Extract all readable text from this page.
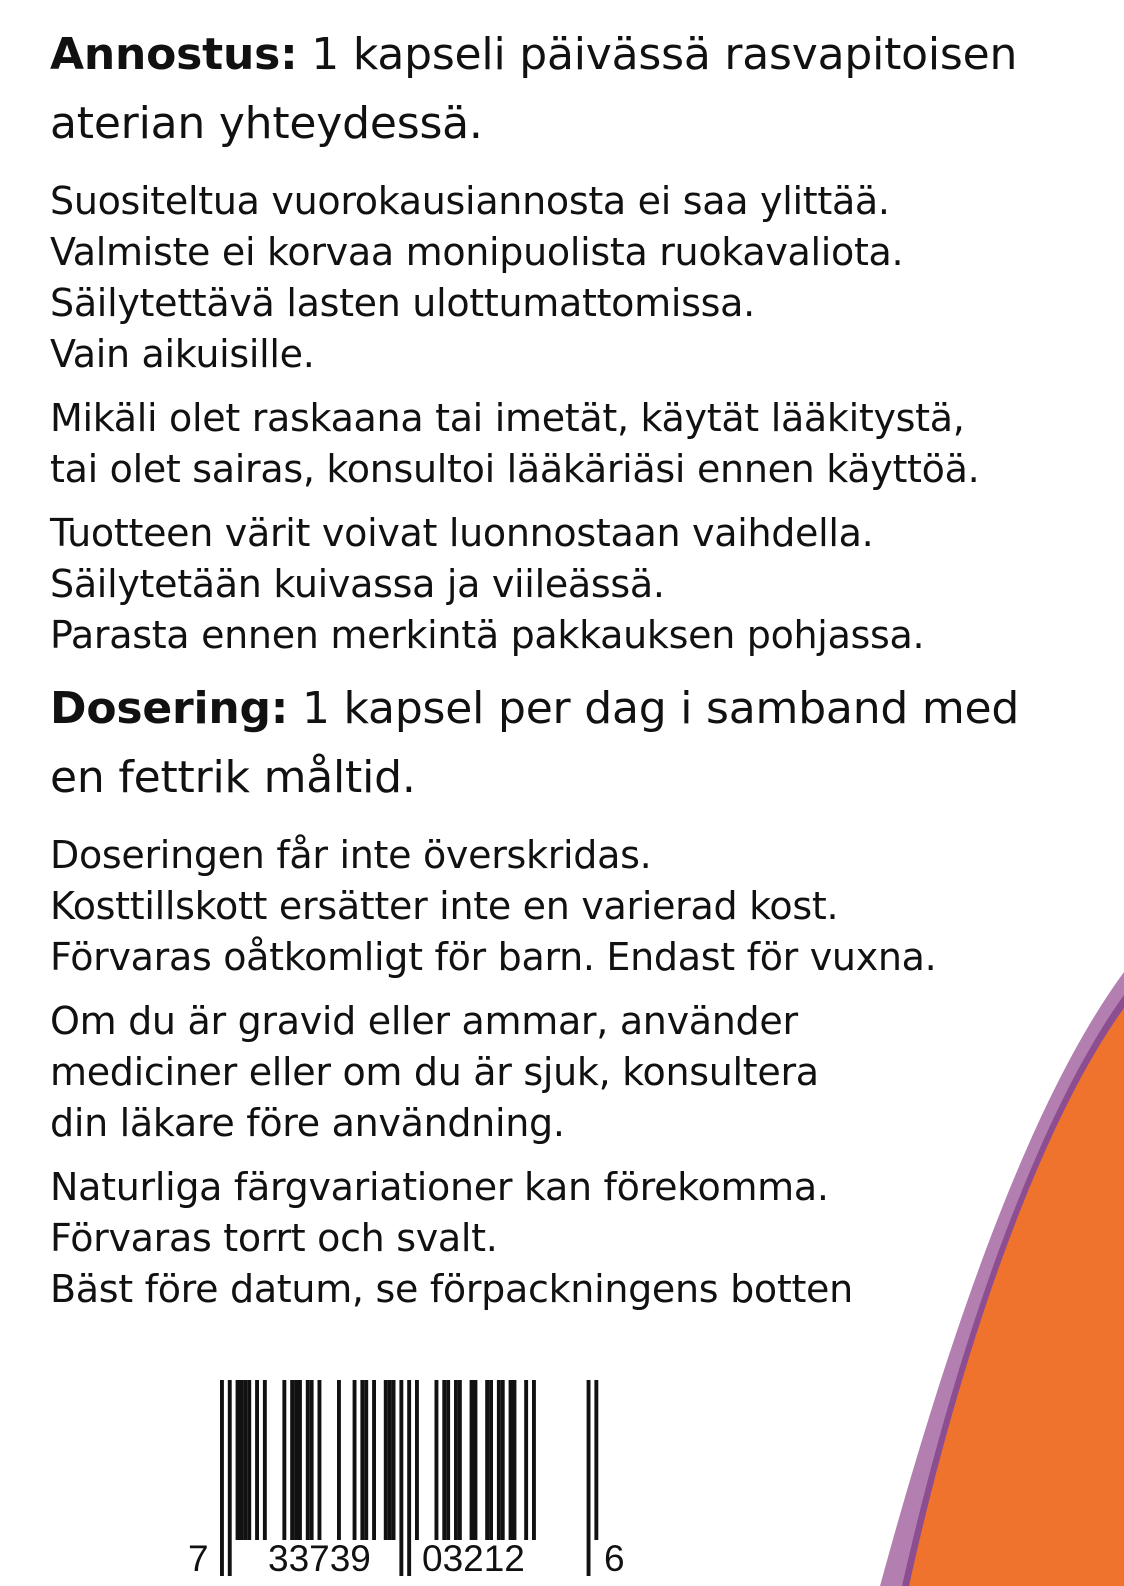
Annostus: 1 kapseli päivässä rasvapitoisen
aterian yhteydessä.
Suositeltua vuorokausiannosta ei saa ylittää.
Valmiste ei korvaa monipuolista ruokavaliota.
Säilytettävä lasten ulottumattomissa.
Vain aikuisille.
Mikäli olet raskaana tai imetät, käytät lääkitystä,
tai olet sairas, konsultoi lääkäriäsi ennen käyttöä.
Tuotteen värit voivat luonnostaan vaihdella.
Säilytetään kuivassa ja viileässä.
Parasta ennen merkintä pakkauksen pohjassa.
Dosering: 1 kapsel per dag i samband med
en fettrik måltid.
Doseringen får inte överskridas.
Kosttillskott ersätter inte en varierad kost.
Förvaras oåtkomligt för barn. Endast för vuxna.
Om du är gravid eller ammar, använder
mediciner eller om du är sjuk, konsultera
din läkare före användning.
Naturliga färgvariationer kan förekomma.
Förvaras torrt och svalt.
Bäst före datum, se förpackningens botten
7 33739 03212 6
